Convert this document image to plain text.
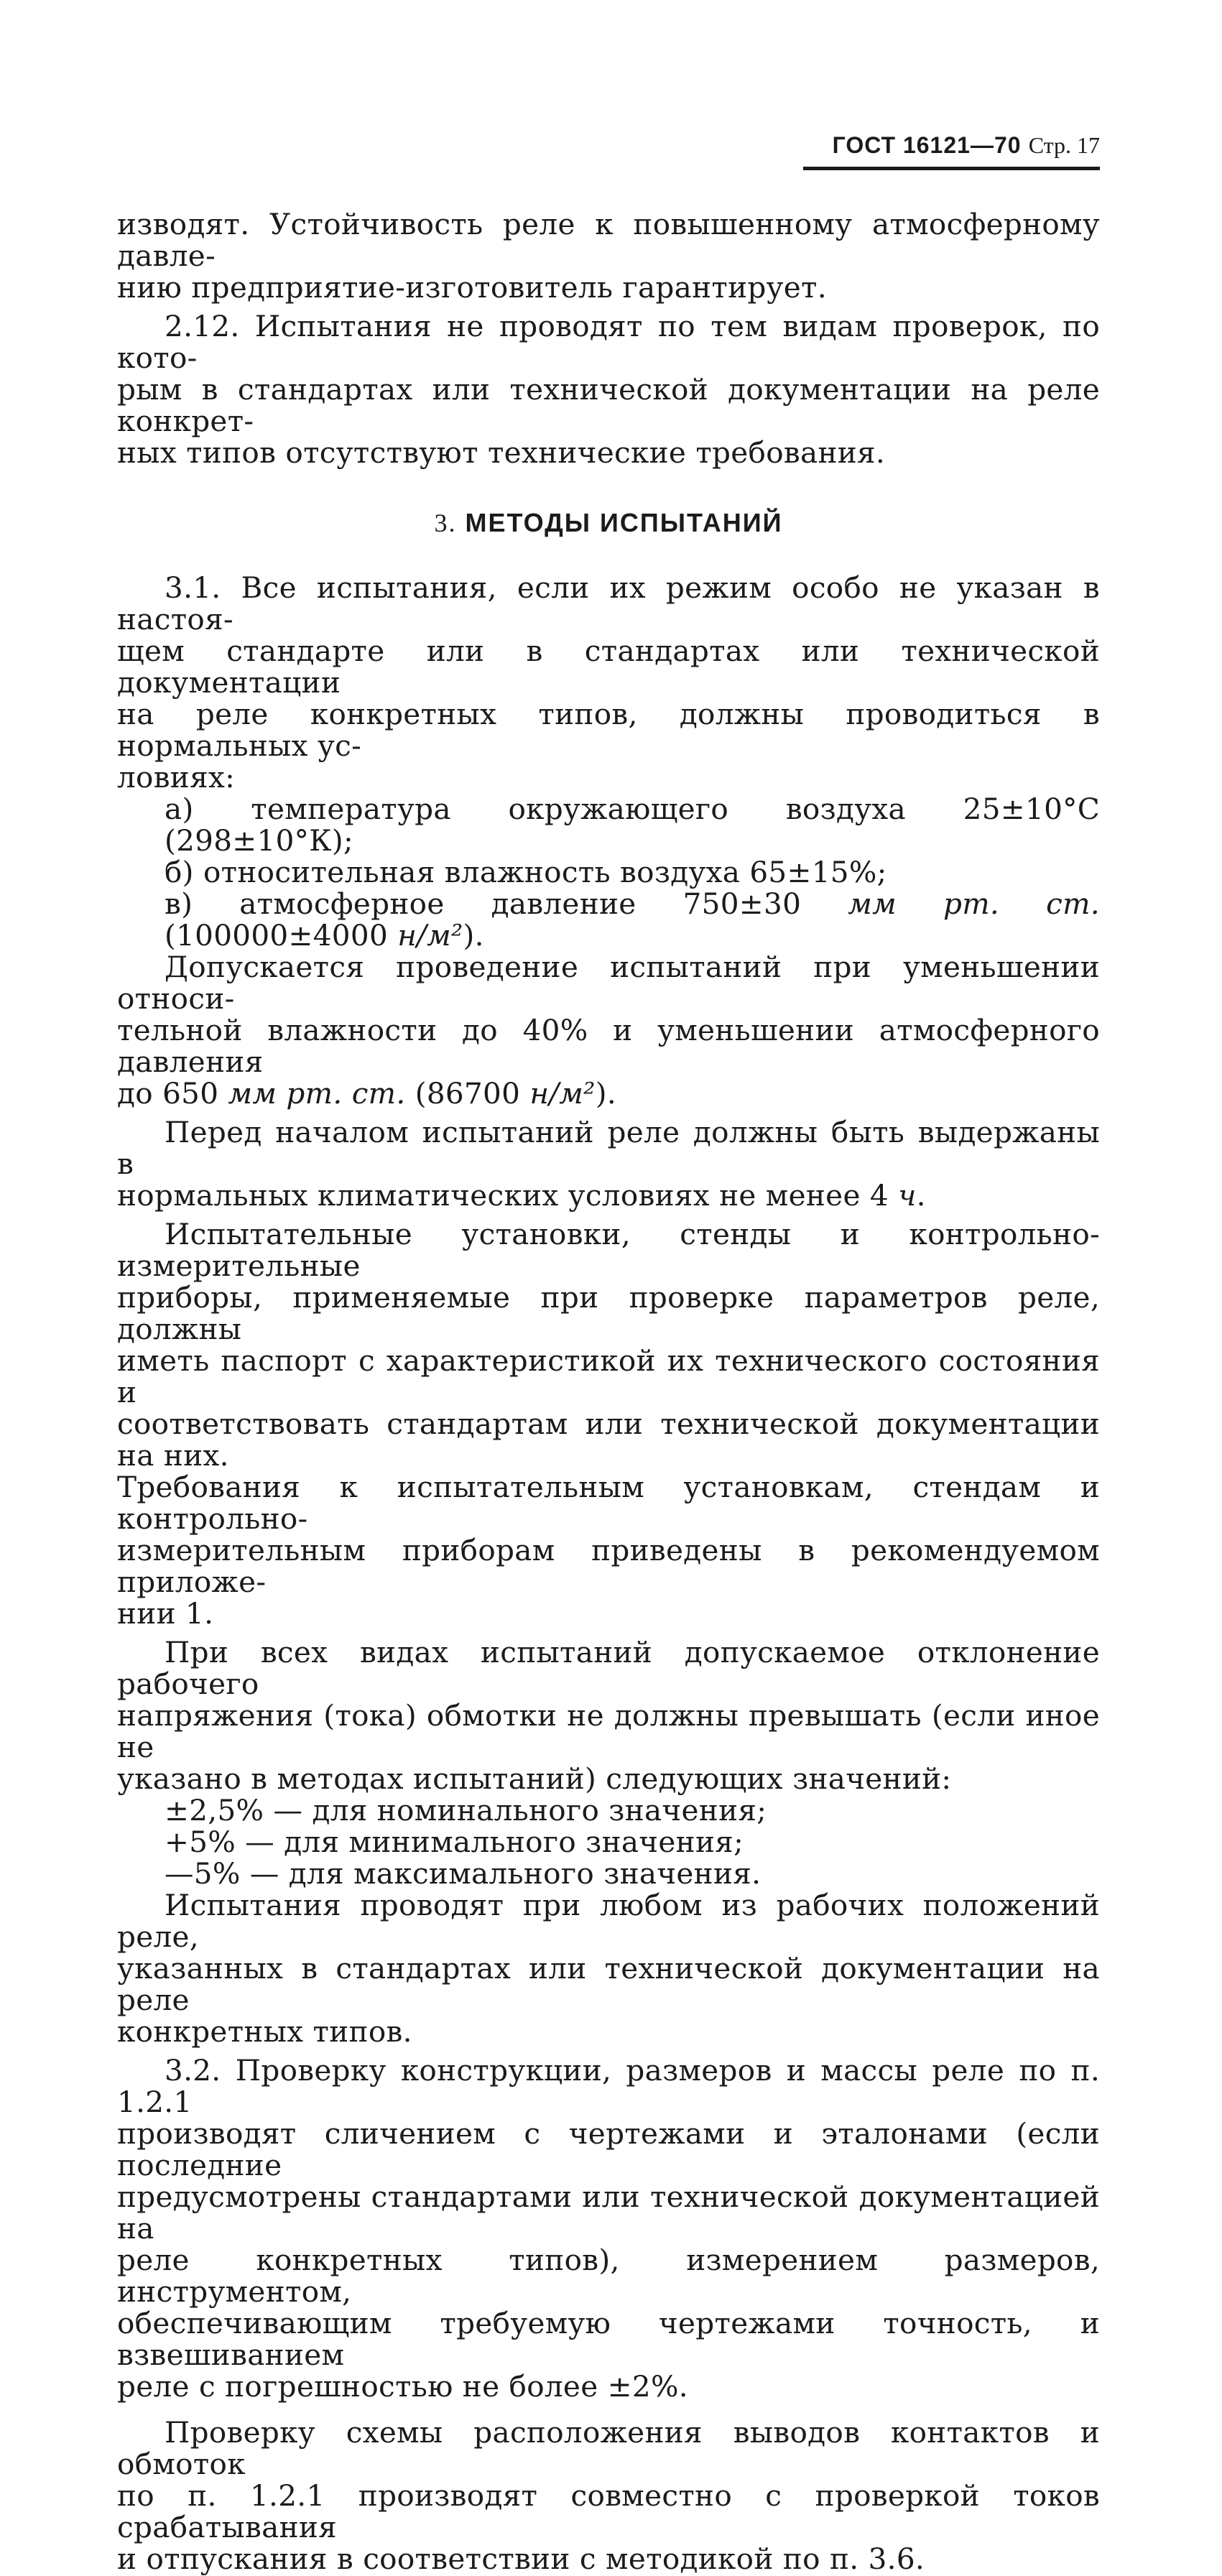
ГОСТ 16121—70 Стр. 17

изводят. Устойчивость реле к повышенному атмосферному давле-

нию предприятие-изготовитель гарантирует.

2.12. Испытания не проводят по тем видам проверок, по кото-

рым в стандартах или технической документации на реле конкрет-

ных типов отсутствуют технические требования.

3. МЕТОДЫ ИСПЫТАНИЙ

3.1. Все испытания, если их режим особо не указан в настоя-

щем стандарте или в стандартах или технической документации

на реле конкретных типов, должны проводиться в нормальных ус-

ловиях:

а) температура окружающего воздуха 25±10°С (298±10°К);

б) относительная влажность воздуха 65±15%;

в) атмосферное давление 750±30 мм рт. ст. (100000±4000 н/м²).

Допускается проведение испытаний при уменьшении относи-

тельной влажности до 40% и уменьшении атмосферного давления

до 650 мм рт. ст. (86700 н/м²).

Перед началом испытаний реле должны быть выдержаны в

нормальных климатических условиях не менее 4 ч.

Испытательные установки, стенды и контрольно-измерительные

приборы, применяемые при проверке параметров реле, должны

иметь паспорт с характеристикой их технического состояния и

соответствовать стандартам или технической документации на них.

Требования к испытательным установкам, стендам и контрольно-

измерительным приборам приведены в рекомендуемом приложе-

нии 1.

При всех видах испытаний допускаемое отклонение рабочего

напряжения (тока) обмотки не должны превышать (если иное не

указано в методах испытаний) следующих значений:

±2,5% — для номинального значения;

+5% — для минимального значения;

—5% — для максимального значения.

Испытания проводят при любом из рабочих положений реле,

указанных в стандартах или технической документации на реле

конкретных типов.

3.2. Проверку конструкции, размеров и массы реле по п. 1.2.1

производят сличением с чертежами и эталонами (если последние

предусмотрены стандартами или технической документацией на

реле конкретных типов), измерением размеров, инструментом,

обеспечивающим требуемую чертежами точность, и взвешиванием

реле с погрешностью не более ±2%.

Проверку схемы расположения выводов контактов и обмоток

по п. 1.2.1 производят совместно с проверкой токов срабатывания

и отпускания в соответствии с методикой по п. 3.6.
